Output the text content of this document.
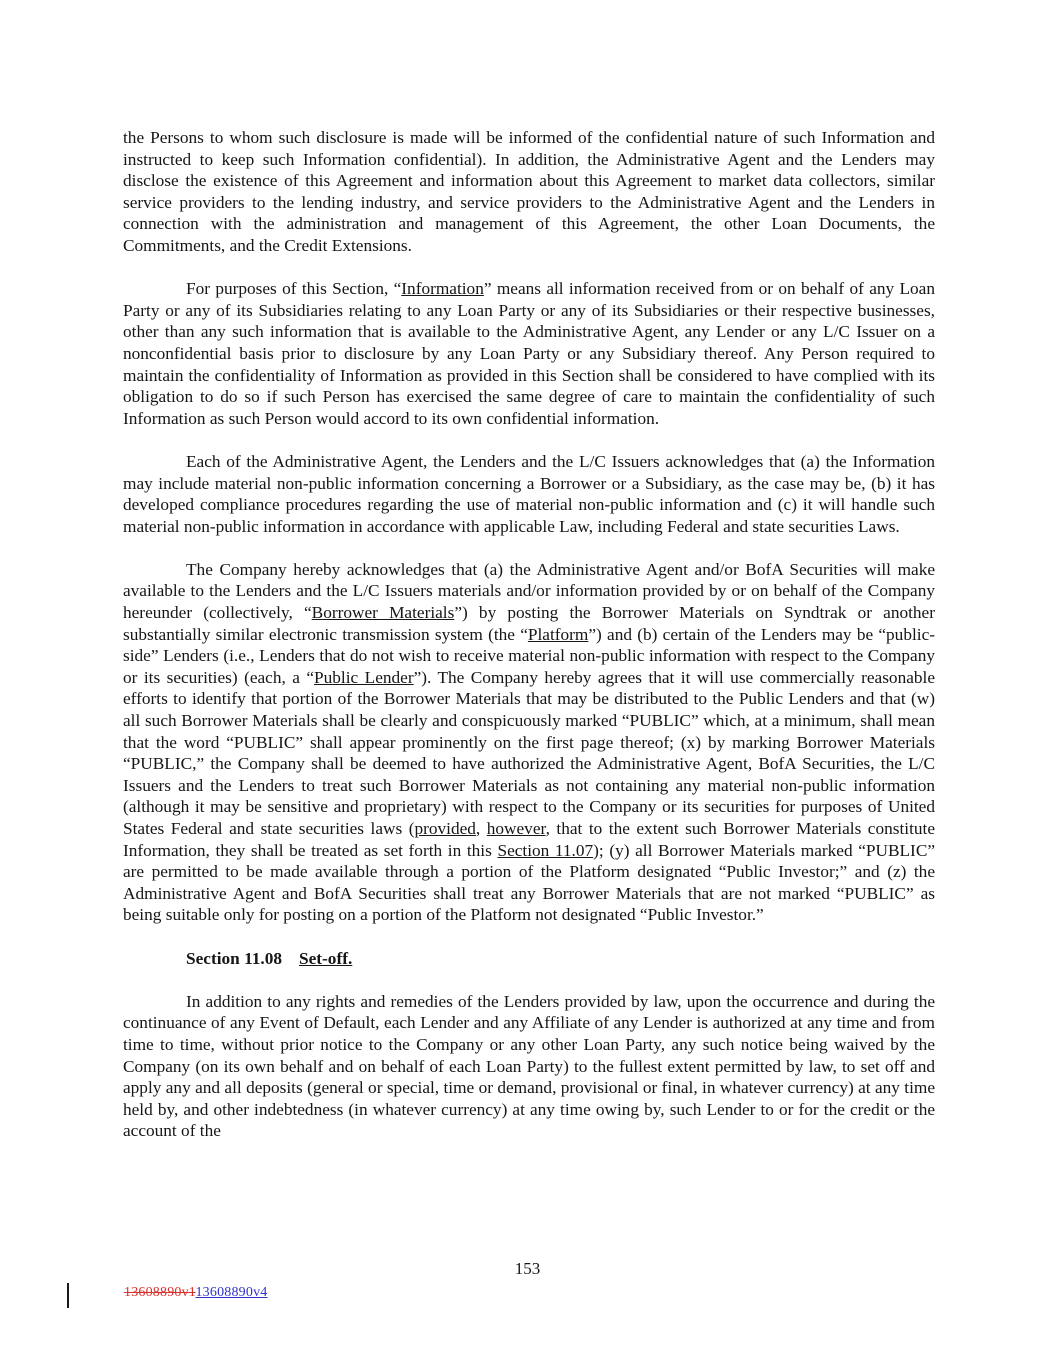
the Persons to whom such disclosure is made will be informed of the confidential nature of such Information and instructed to keep such Information confidential). In addition, the Administrative Agent and the Lenders may disclose the existence of this Agreement and information about this Agreement to market data collectors, similar service providers to the lending industry, and service providers to the Administrative Agent and the Lenders in connection with the administration and management of this Agreement, the other Loan Documents, the Commitments, and the Credit Extensions.

For purposes of this Section, “Information” means all information received from or on behalf of any Loan Party or any of its Subsidiaries relating to any Loan Party or any of its Subsidiaries or their respective businesses, other than any such information that is available to the Administrative Agent, any Lender or any L/C Issuer on a nonconfidential basis prior to disclosure by any Loan Party or any Subsidiary thereof. Any Person required to maintain the confidentiality of Information as provided in this Section shall be considered to have complied with its obligation to do so if such Person has exercised the same degree of care to maintain the confidentiality of such Information as such Person would accord to its own confidential information.

Each of the Administrative Agent, the Lenders and the L/C Issuers acknowledges that (a) the Information may include material non-public information concerning a Borrower or a Subsidiary, as the case may be, (b) it has developed compliance procedures regarding the use of material non-public information and (c) it will handle such material non-public information in accordance with applicable Law, including Federal and state securities Laws.

The Company hereby acknowledges that (a) the Administrative Agent and/or BofA Securities will make available to the Lenders and the L/C Issuers materials and/or information provided by or on behalf of the Company hereunder (collectively, “Borrower Materials”) by posting the Borrower Materials on Syndtrak or another substantially similar electronic transmission system (the “Platform”) and (b) certain of the Lenders may be “public-side” Lenders (i.e., Lenders that do not wish to receive material non-public information with respect to the Company or its securities) (each, a “Public Lender”). The Company hereby agrees that it will use commercially reasonable efforts to identify that portion of the Borrower Materials that may be distributed to the Public Lenders and that (w) all such Borrower Materials shall be clearly and conspicuously marked “PUBLIC” which, at a minimum, shall mean that the word “PUBLIC” shall appear prominently on the first page thereof; (x) by marking Borrower Materials “PUBLIC,” the Company shall be deemed to have authorized the Administrative Agent, BofA Securities, the L/C Issuers and the Lenders to treat such Borrower Materials as not containing any material non-public information (although it may be sensitive and proprietary) with respect to the Company or its securities for purposes of United States Federal and state securities laws (provided, however, that to the extent such Borrower Materials constitute Information, they shall be treated as set forth in this Section 11.07); (y) all Borrower Materials marked “PUBLIC” are permitted to be made available through a portion of the Platform designated “Public Investor;” and (z) the Administrative Agent and BofA Securities shall treat any Borrower Materials that are not marked “PUBLIC” as being suitable only for posting on a portion of the Platform not designated “Public Investor.”

Section 11.08 Set-off.

In addition to any rights and remedies of the Lenders provided by law, upon the occurrence and during the continuance of any Event of Default, each Lender and any Affiliate of any Lender is authorized at any time and from time to time, without prior notice to the Company or any other Loan Party, any such notice being waived by the Company (on its own behalf and on behalf of each Loan Party) to the fullest extent permitted by law, to set off and apply any and all deposits (general or special, time or demand, provisional or final, in whatever currency) at any time held by, and other indebtedness (in whatever currency) at any time owing by, such Lender to or for the credit or the account of the

153
13608890v113608890v4
